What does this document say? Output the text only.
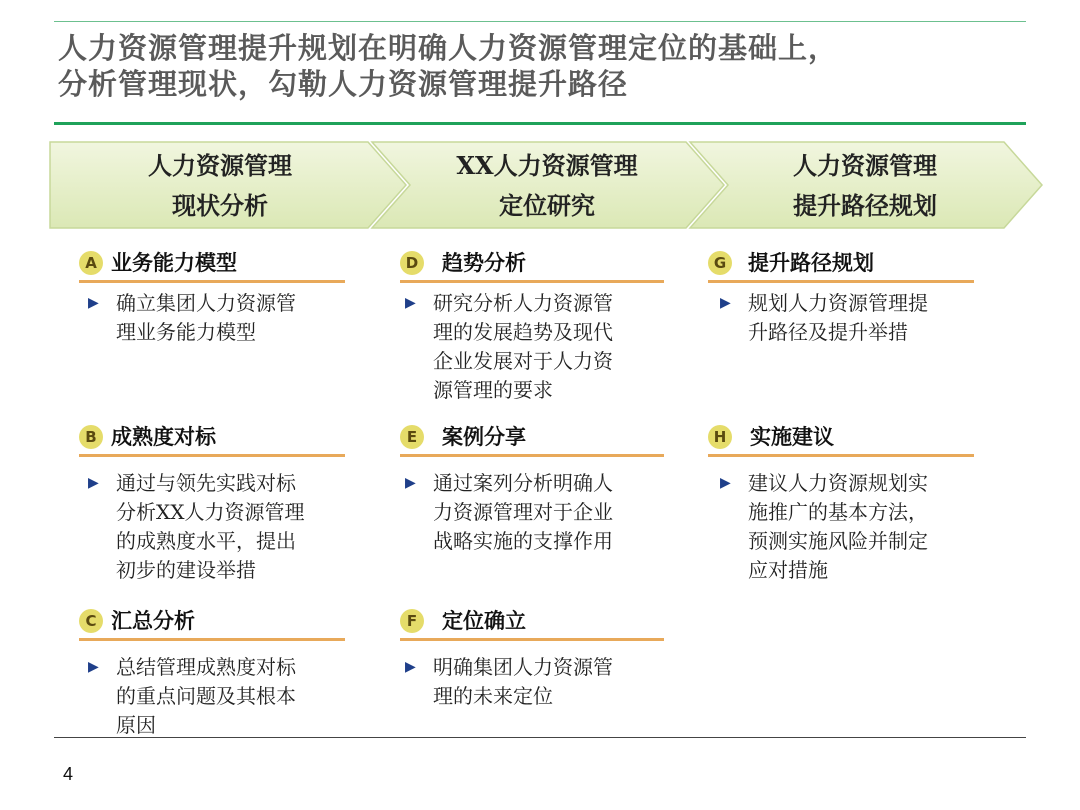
人力资源管理提升规划在明确人力资源管理定位的基础上，
分析管理现状，勾勒人力资源管理提升路径
人力资源管理
现状分析
XX人力资源管理
定位研究
人力资源管理
提升路径规划
A 业务能力模型
▶ 确立集团人力资源管
理业务能力模型
B 成熟度对标
▶ 通过与领先实践对标
分析XX人力资源管理
的成熟度水平，提出
初步的建设举措
C 汇总分析
▶ 总结管理成熟度对标
的重点问题及其根本
原因
D 趋势分析
▶ 研究分析人力资源管
理的发展趋势及现代
企业发展对于人力资
源管理的要求
E	案例分享
▶ 通过案列分析明确人
力资源管理对于企业
战略实施的支撑作用
F	定位确立
▶ 明确集团人力资源管
理的未来定位
G 提升路径规划
▶ 规划人力资源管理提
升路径及提升举措
H 实施建议
▶ 建议人力资源规划实
施推广的基本方法，
预测实施风险并制定
应对措施
4
